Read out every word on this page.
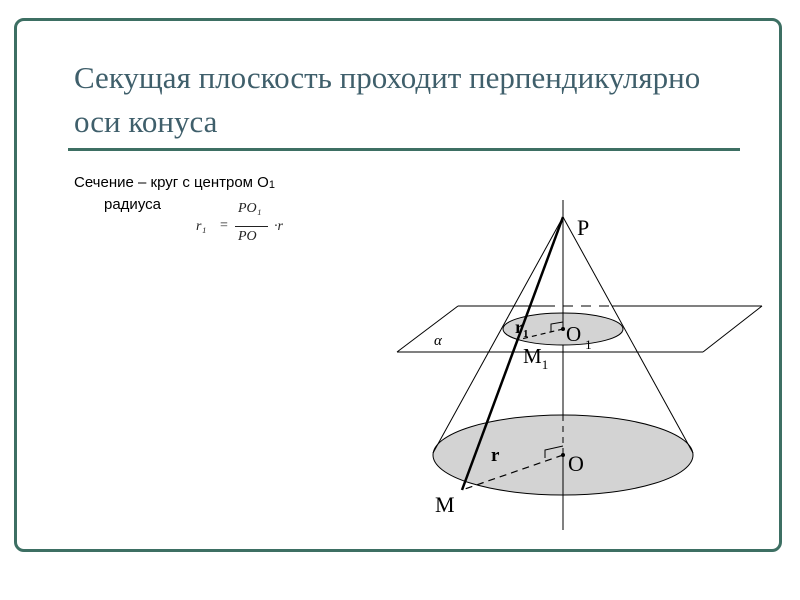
Секущая плоскость проходит перпендикулярно оси конуса
Сечение – круг с центром О1
радиуса
r₁ =
PO₁
PO
·r	P
α
$r_1$ O $_1$
$M_1$
r	O
M
